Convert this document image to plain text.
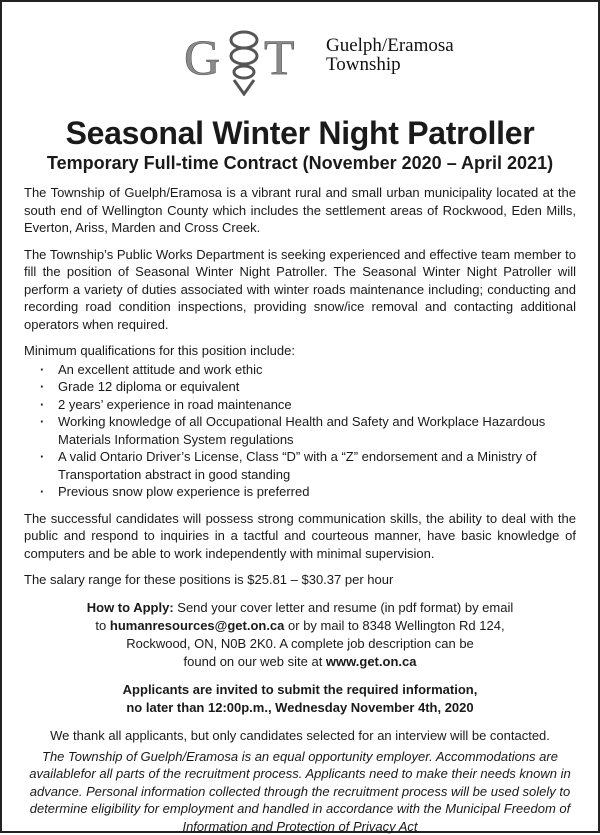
G T Guelph/Eramosa
Township
Seasonal Winter Night Patroller
Temporary Full-time Contract (November 2020 – April 2021)

The Township of Guelph/Eramosa is a vibrant rural and small urban municipality located at the south end of Wellington County which includes the settlement areas of Rockwood, Eden Mills, Everton, Ariss, Marden and Cross Creek.

The Township’s Public Works Department is seeking experienced and effective team member to fill the position of Seasonal Winter Night Patroller. The Seasonal Winter Night Patroller will perform a variety of duties associated with winter roads maintenance including; conducting and recording road condition inspections, providing snow/ice removal and contacting additional operators when required.

Minimum qualifications for this position include:

· An excellent attitude and work ethic
· Grade 12 diploma or equivalent
· 2 years’ experience in road maintenance
· Working knowledge of all Occupational Health and Safety and Workplace Hazardous Materials Information System regulations
· A valid Ontario Driver’s License, Class “D” with a “Z” endorsement and a Ministry of Transportation abstract in good standing
· Previous snow plow experience is preferred

The successful candidates will possess strong communication skills, the ability to deal with the public and respond to inquiries in a tactful and courteous manner, have basic knowledge of computers and be able to work independently with minimal supervision.

The salary range for these positions is $25.81 – $30.37 per hour

How to Apply: Send your cover letter and resume (in pdf format) by email
to humanresources@get.on.ca or by mail to 8348 Wellington Rd 124,
Rockwood, ON, N0B 2K0. A complete job description can be
found on our web site at www.get.on.ca
Applicants are invited to submit the required information,
no later than 12:00p.m., Wednesday November 4th, 2020
We thank all applicants, but only candidates selected for an interview will be contacted.
The Township of Guelph/Eramosa is an equal opportunity employer. Accommodations are availablefor all parts of the recruitment process. Applicants need to make their needs known in advance. Personal information collected through the recruitment process will be used solely to determine eligibility for employment and handled in accordance with the Municipal Freedom of Information and Protection of Privacy Act
